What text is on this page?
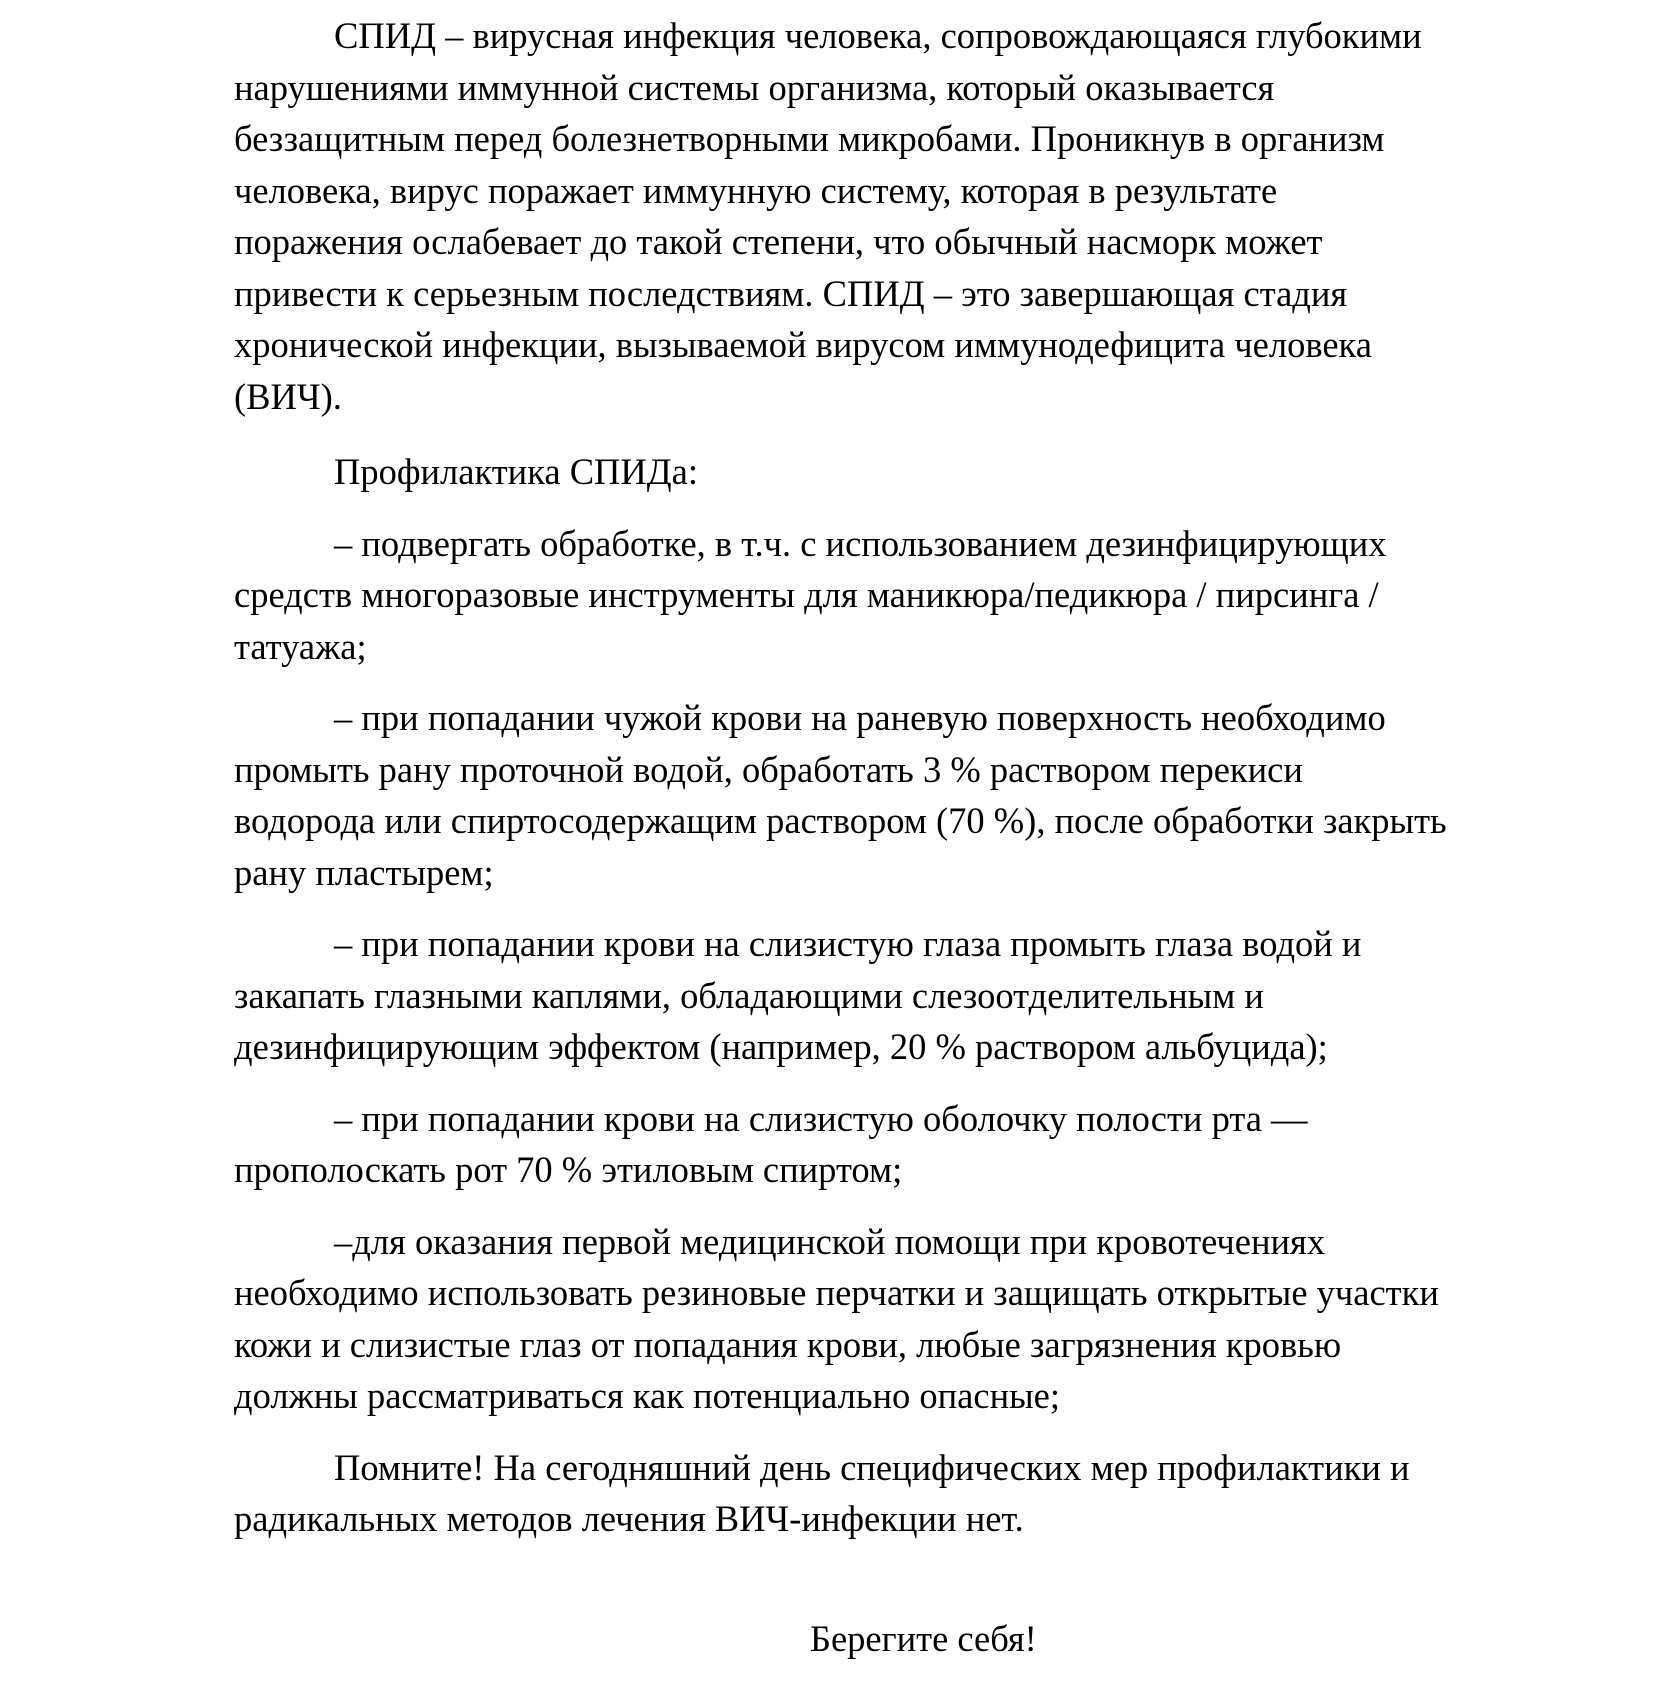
СПИД – вирусная инфекция человека, сопровождающаяся глубокими
нарушениями иммунной системы организма, который оказывается
беззащитным перед болезнетворными микробами. Проникнув в организм
человека, вирус поражает иммунную систему, которая в результате
поражения ослабевает до такой степени, что обычный насморк может
привести к серьезным последствиям. СПИД – это завершающая стадия
хронической инфекции, вызываемой вирусом иммунодефицита человека
(ВИЧ).

Профилактика СПИДа:

– подвергать обработке, в т.ч. с использованием дезинфицирующих
средств многоразовые инструменты для маникюра/педикюра / пирсинга /
татуажа;

– при попадании чужой крови на раневую поверхность необходимо
промыть рану проточной водой, обработать 3 % раствором перекиси
водорода или спиртосодержащим раствором (70 %), после обработки закрыть
рану пластырем;

– при попадании крови на слизистую глаза промыть глаза водой и
закапать глазными каплями, обладающими слезоотделительным и
дезинфицирующим эффектом (например, 20 % раствором альбуцида);

– при попадании крови на слизистую оболочку полости рта —
прополоскать рот 70 % этиловым спиртом;

–для оказания первой медицинской помощи при кровотечениях
необходимо использовать резиновые перчатки и защищать открытые участки
кожи и слизистые глаз от попадания крови, любые загрязнения кровью
должны рассматриваться как потенциально опасные;

Помните! На сегодняшний день специфических мер профилактики и
радикальных методов лечения ВИЧ-инфекции нет.

Берегите себя!
